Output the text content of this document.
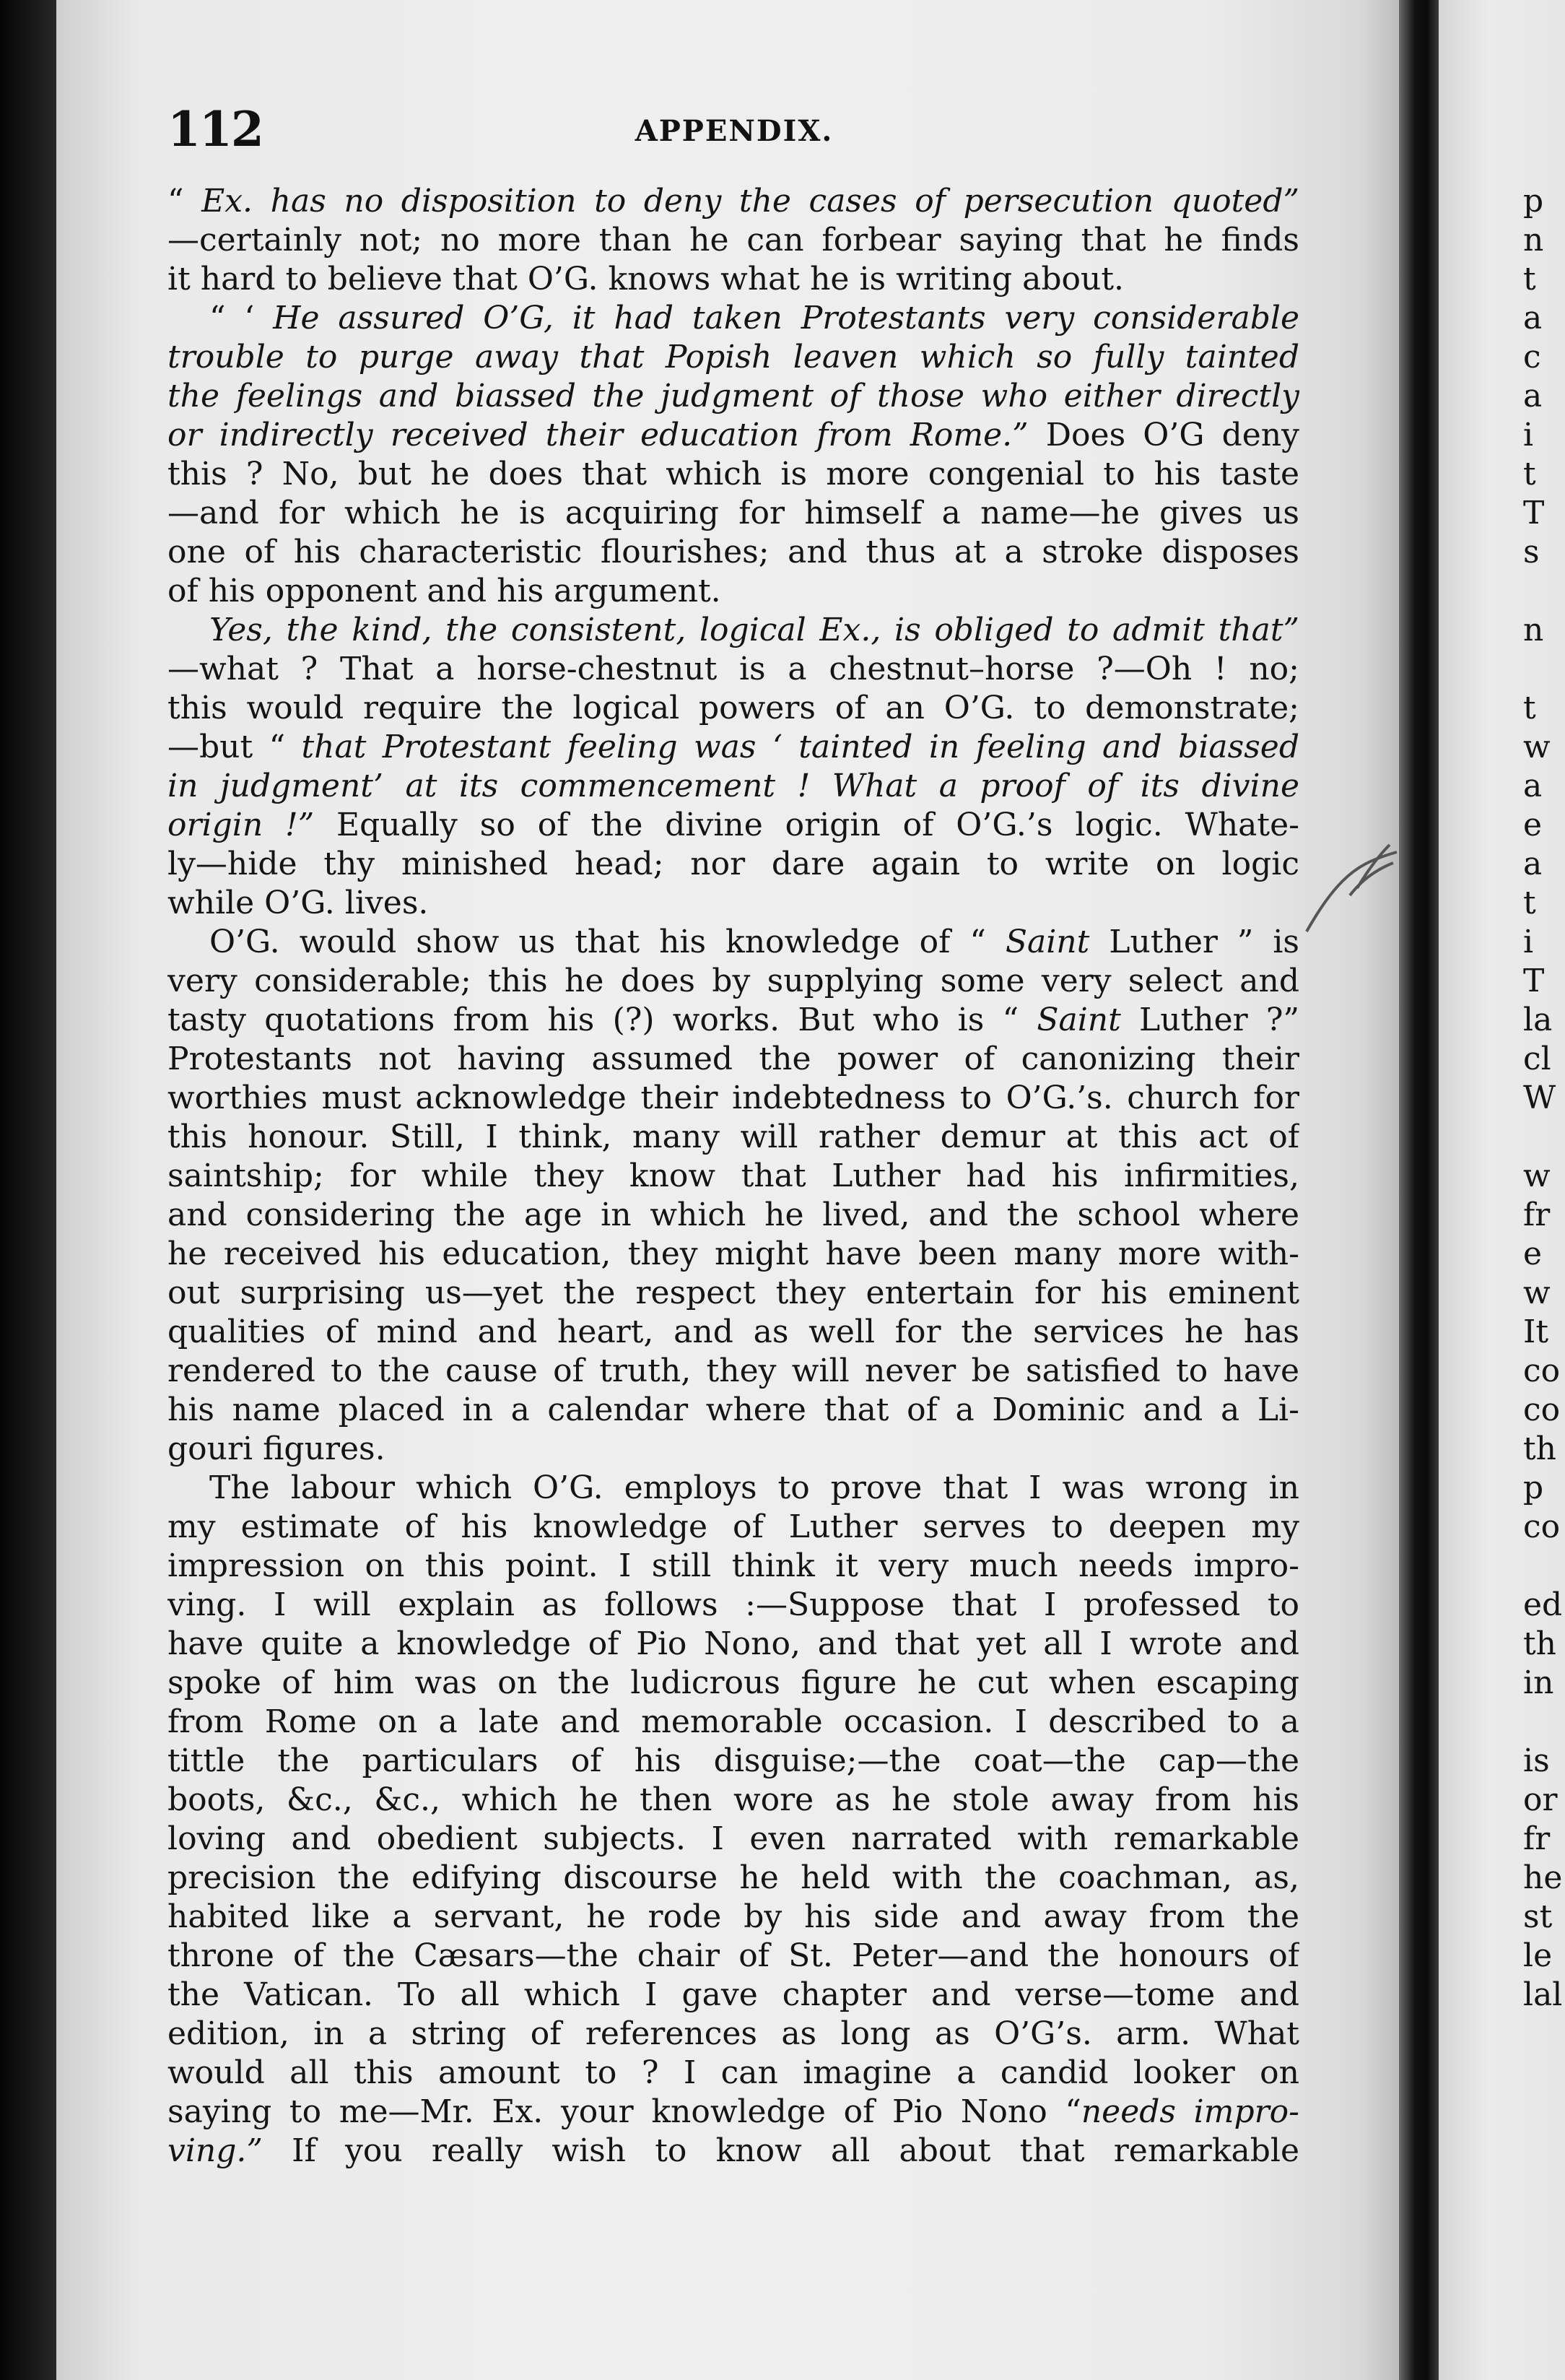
112	APPENDIX.
“ Ex. has no disposition to deny the cases of persecution quoted”
—certainly not; no more than he can forbear saying that he finds
it hard to believe that O’G. knows what he is writing about.
“ ‘ He assured O’G, it had taken Protestants very considerable
trouble to purge away that Popish leaven which so fully tainted
the feelings and biassed the judgment of those who either directly
or indirectly received their education from Rome.” Does O’G deny
this ? No, but he does that which is more congenial to his taste
—and for which he is acquiring for himself a name—he gives us
one of his characteristic flourishes; and thus at a stroke disposes
of his opponent and his argument.
Yes, the kind, the consistent, logical Ex., is obliged to admit that”
—what ? That a horse-chestnut is a chestnut–horse ?—Oh ! no;
this would require the logical powers of an O’G. to demonstrate;
—but “ that Protestant feeling was ‘ tainted in feeling and biassed
in judgment’ at its commencement ! What a proof of its divine
origin !” Equally so of the divine origin of O’G.’s logic. Whate-
ly—hide thy minished head; nor dare again to write on logic
while O’G. lives.
O’G. would show us that his knowledge of “ Saint Luther ” is
very considerable; this he does by supplying some very select and
tasty quotations from his (?) works. But who is “ Saint Luther ?”
Protestants not having assumed the power of canonizing their
worthies must acknowledge their indebtedness to O’G.’s. church for
this honour. Still, I think, many will rather demur at this act of
saintship; for while they know that Luther had his infirmities,
and considering the age in which he lived, and the school where
he received his education, they might have been many more with-
out surprising us—yet the respect they entertain for his eminent
qualities of mind and heart, and as well for the services he has
rendered to the cause of truth, they will never be satisfied to have
his name placed in a calendar where that of a Dominic and a Li-
gouri figures.
The labour which O’G. employs to prove that I was wrong in
my estimate of his knowledge of Luther serves to deepen my
impression on this point. I still think it very much needs impro-
ving. I will explain as follows :—Suppose that I professed to
have quite a knowledge of Pio Nono, and that yet all I wrote and
spoke of him was on the ludicrous figure he cut when escaping
from Rome on a late and memorable occasion. I described to a
tittle the particulars of his disguise;—the coat—the cap—the
boots, &c., &c., which he then wore as he stole away from his
loving and obedient subjects. I even narrated with remarkable
precision the edifying discourse he held with the coachman, as,
habited like a servant, he rode by his side and away from the
throne of the Cæsars—the chair of St. Peter—and the honours of
the Vatican. To all which I gave chapter and verse—tome and
edition, in a string of references as long as O’G’s. arm. What
would all this amount to ? I can imagine a candid looker on
saying to me—Mr. Ex. your knowledge of Pio Nono “needs impro-
ving.” If you really wish to know all about that remarkable
p
n
t
a
c
a
i
t
T
s
n
t
w
a
e
a
t
i
T
la
cl
W
w
fr
e
w
It
co
co
th
p
co
ed
th
in
is
or
fr
he
st
le
lal
